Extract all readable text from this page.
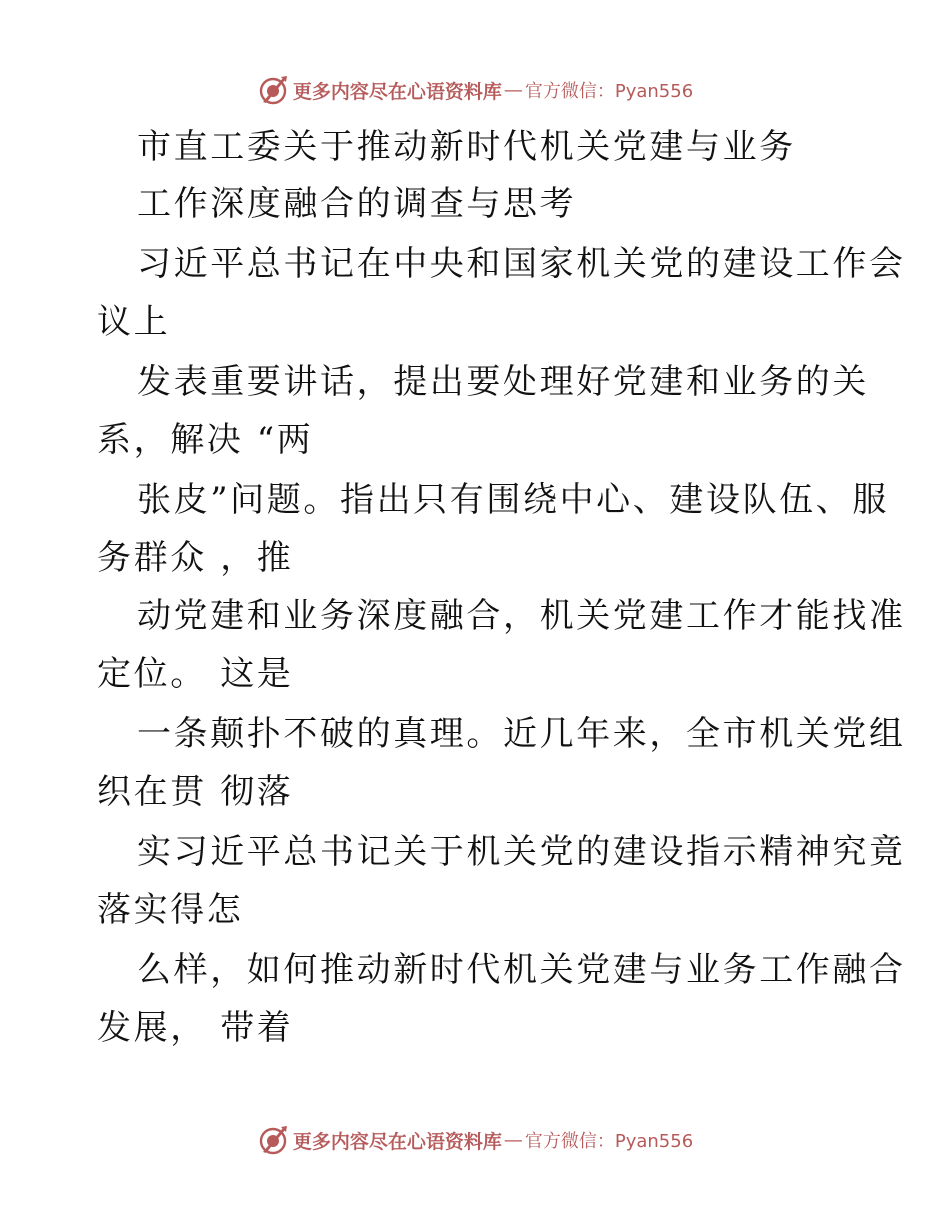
更多内容尽在心语资料库 — 官方微信：Pyan556
市直工委关于推动新时代机关党建与业务
工作深度融合的调查与思考
习近平总书记在中央和国家机关党的建设工作会
议上
发表重要讲话，提出要处理好党建和业务的关
系，解决 “两
张皮”问题。指出只有围绕中心、建设队伍、服
务群众 ，推
动党建和业务深度融合，机关党建工作才能找准
定位。 这是
一条颠扑不破的真理。近几年来，全市机关党组
织在贯 彻落
实习近平总书记关于机关党的建设指示精神究竟
落实得怎
么样，如何推动新时代机关党建与业务工作融合
发展， 带着
更多内容尽在心语资料库 — 官方微信：Pyan556
